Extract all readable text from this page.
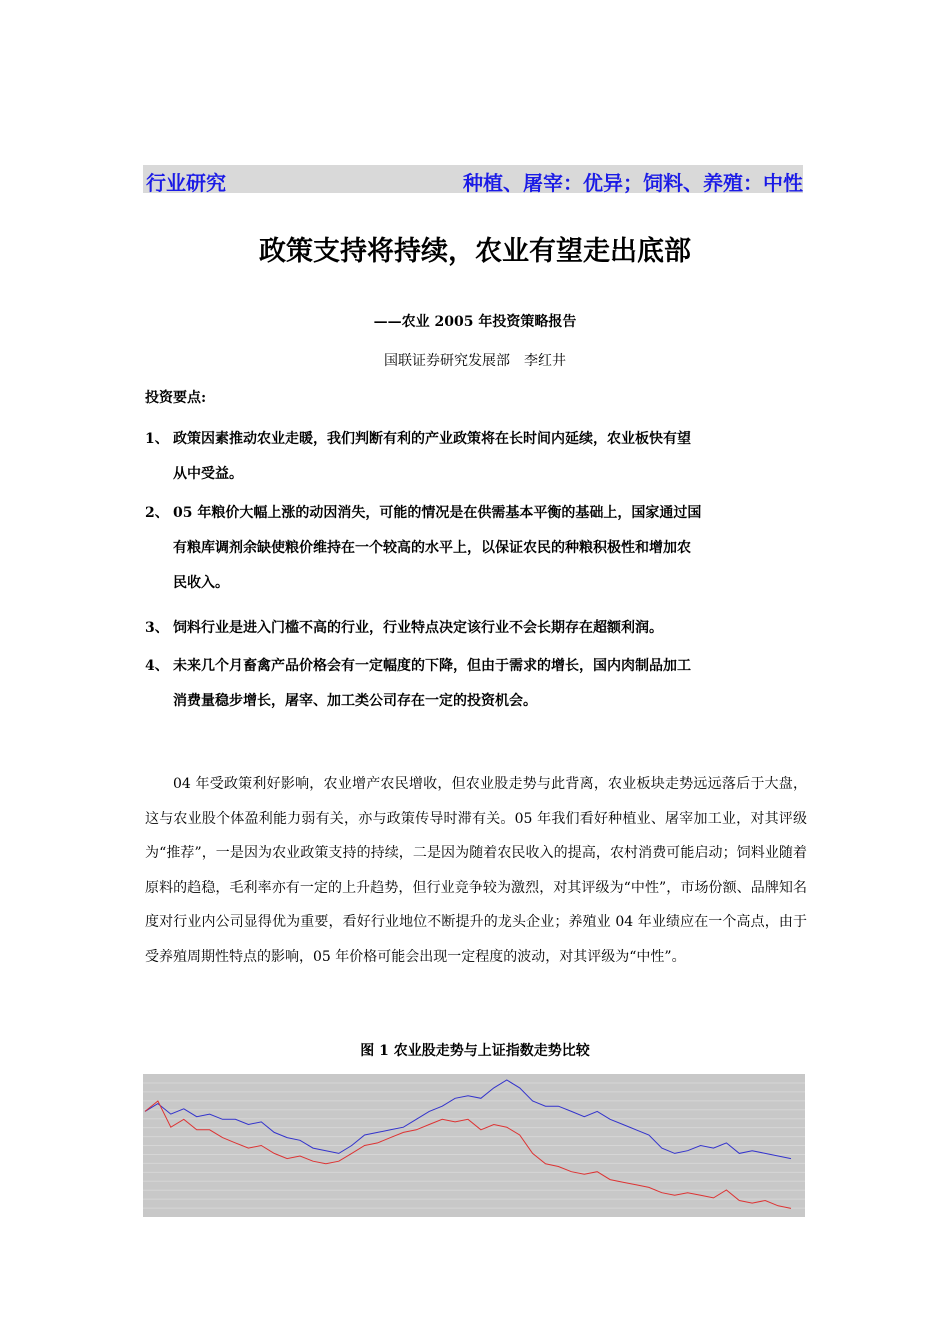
行业研究	种植、屠宰：优异；饲料、养殖：中性
政策支持将持续，农业有望走出底部
——农业 2005 年投资策略报告
国联证券研究发展部　李红井
投资要点:
1、 政策因素推动农业走暖，我们判断有利的产业政策将在长时间内延续，农业板快有望
从中受益。
2、 05 年粮价大幅上涨的动因消失，可能的情况是在供需基本平衡的基础上，国家通过国
有粮库调剂余缺使粮价维持在一个较高的水平上，以保证农民的种粮积极性和增加农
民收入。
3、 饲料行业是进入门槛不高的行业，行业特点决定该行业不会长期存在超额利润。
4、 未来几个月畜禽产品价格会有一定幅度的下降，但由于需求的增长，国内肉制品加工
消费量稳步增长，屠宰、加工类公司存在一定的投资机会。
04 年受政策利好影响，农业增产农民增收，但农业股走势与此背离，农业板块走势远远落后于大盘，这与农业股个体盈利能力弱有关，亦与政策传导时滞有关。05 年我们看好种植业、屠宰加工业，对其评级为“推荐”，一是因为农业政策支持的持续，二是因为随着农民收入的提高，农村消费可能启动；饲料业随着原料的趋稳，毛利率亦有一定的上升趋势，但行业竞争较为激烈，对其评级为“中性”，市场份额、品牌知名度对行业内公司显得优为重要，看好行业地位不断提升的龙头企业；养殖业 04 年业绩应在一个高点，由于受养殖周期性特点的影响，05 年价格可能会出现一定程度的波动，对其评级为“中性”。
图 1 农业股走势与上证指数走势比较
